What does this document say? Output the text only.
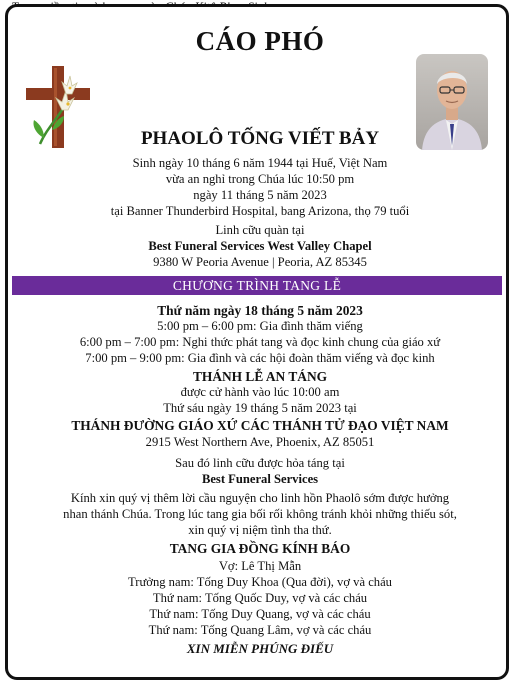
CÁO PHÓ
PHAOLÔ TỐNG VIẾT BẢY
Sinh ngày 10 tháng 6 năm 1944 tại Huế, Việt Nam
vừa an nghỉ trong Chúa lúc 10:50 pm
ngày 11 tháng 5 năm 2023
tại Banner Thunderbird Hospital, bang Arizona, thọ 79 tuổi
Linh cữu quàn tại
Best Funeral Services West Valley Chapel
9380 W Peoria Avenue | Peoria, AZ 85345
CHƯƠNG TRÌNH TANG LỄ
Thứ năm ngày 18 tháng 5 năm 2023
5:00 pm – 6:00 pm: Gia đình thăm viếng
6:00 pm – 7:00 pm: Nghi thức phát tang và đọc kinh chung của giáo xứ
7:00 pm – 9:00 pm: Gia đình và các hội đoàn thăm viếng và đọc kinh
THÁNH LỄ AN TÁNG
được cử hành vào lúc 10:00 am
Thứ sáu ngày 19 tháng 5 năm 2023 tại
THÁNH ĐƯỜNG GIÁO XỨ CÁC THÁNH TỬ ĐẠO VIỆT NAM
2915 West Northern Ave, Phoenix, AZ 85051
Sau đó linh cữu được hỏa táng tại
Best Funeral Services
Kính xin quý vị thêm lời cầu nguyện cho linh hồn Phaolô sớm được hưởng
nhan thánh Chúa. Trong lúc tang gia bối rối không tránh khỏi những thiếu sót,
xin quý vị niệm tình tha thứ.
TANG GIA ĐỒNG KÍNH BÁO
Vợ: Lê Thị Mẫn
Trưởng nam: Tống Duy Khoa (Qua đời), vợ và cháu
Thứ nam: Tống Quốc Duy, vợ và các cháu
Thứ nam: Tống Duy Quang, vợ và các cháu
Thứ nam: Tống Quang Lâm, vợ và các cháu
XIN MIỄN PHÚNG ĐIẾU
